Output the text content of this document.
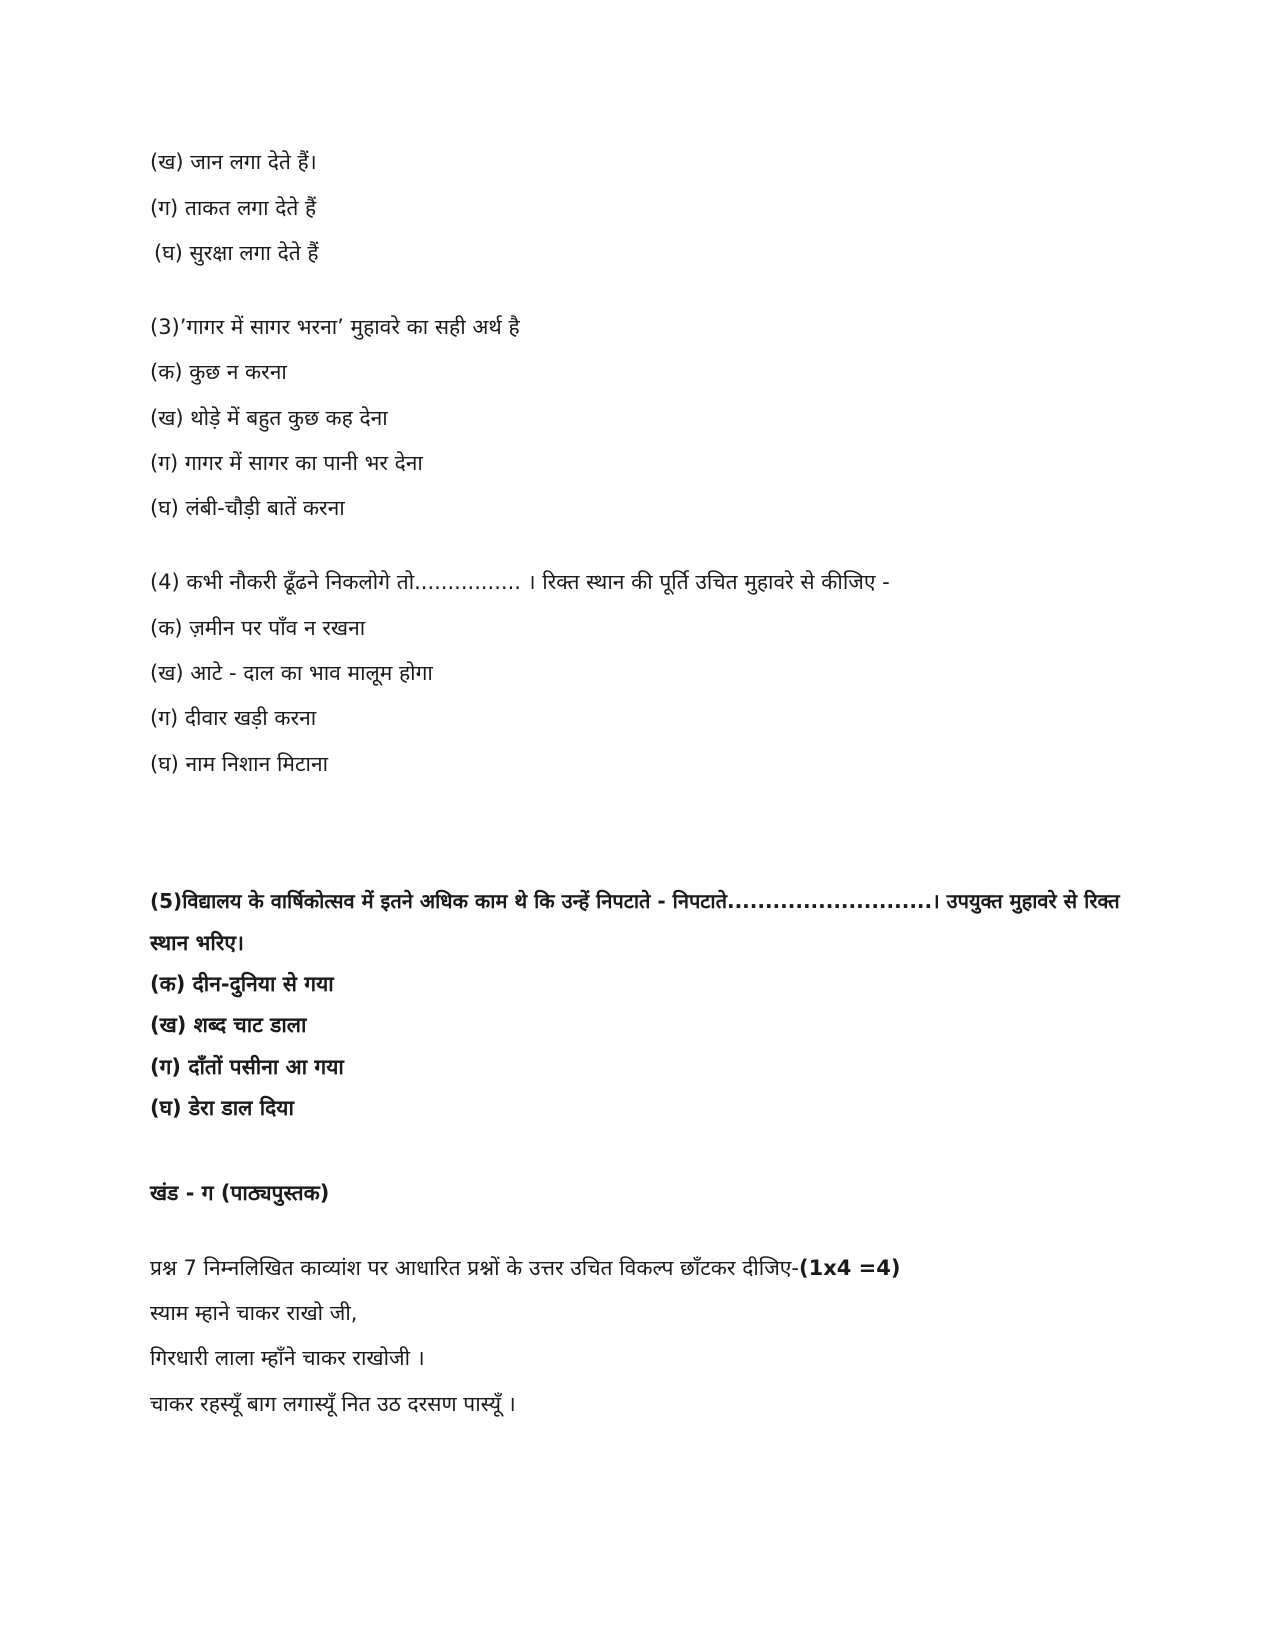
(ख) जान लगा देते हैं।
(ग) ताकत लगा देते हैं
(घ) सुरक्षा लगा देते हैं
(3)’गागर में सागर भरना’ मुहावरे का सही अर्थ है
(क) कुछ न करना
(ख) थोड़े में बहुत कुछ कह देना
(ग) गागर में सागर का पानी भर देना
(घ) लंबी-चौड़ी बातें करना
(4) कभी नौकरी ढूँढने निकलोगे तो................ । रिक्त स्थान की पूर्ति उचित मुहावरे से कीजिए -
(क) ज़मीन पर पाँव न रखना
(ख) आटे - दाल का भाव मालूम होगा
(ग) दीवार खड़ी करना
(घ) नाम निशान मिटाना
(5)विद्यालय के वार्षिकोत्सव में इतने अधिक काम थे कि उन्हें निपटाते - निपटाते...........................। उपयुक्त मुहावरे से रिक्त
स्थान भरिए।
(क) दीन-दुनिया से गया
(ख) शब्द चाट डाला
(ग) दाँतों पसीना आ गया
(घ) डेरा डाल दिया
खंड - ग (पाठ्यपुस्तक)
प्रश्न 7 निम्नलिखित काव्यांश पर आधारित प्रश्नों के उत्तर उचित विकल्प छाँटकर दीजिए-(1x4 =4)
स्याम म्हाने चाकर राखो जी,
गिरधारी लाला म्हाँने चाकर राखोजी ।
चाकर रहस्यूँ बाग लगास्यूँ नित उठ दरसण पास्यूँ ।
